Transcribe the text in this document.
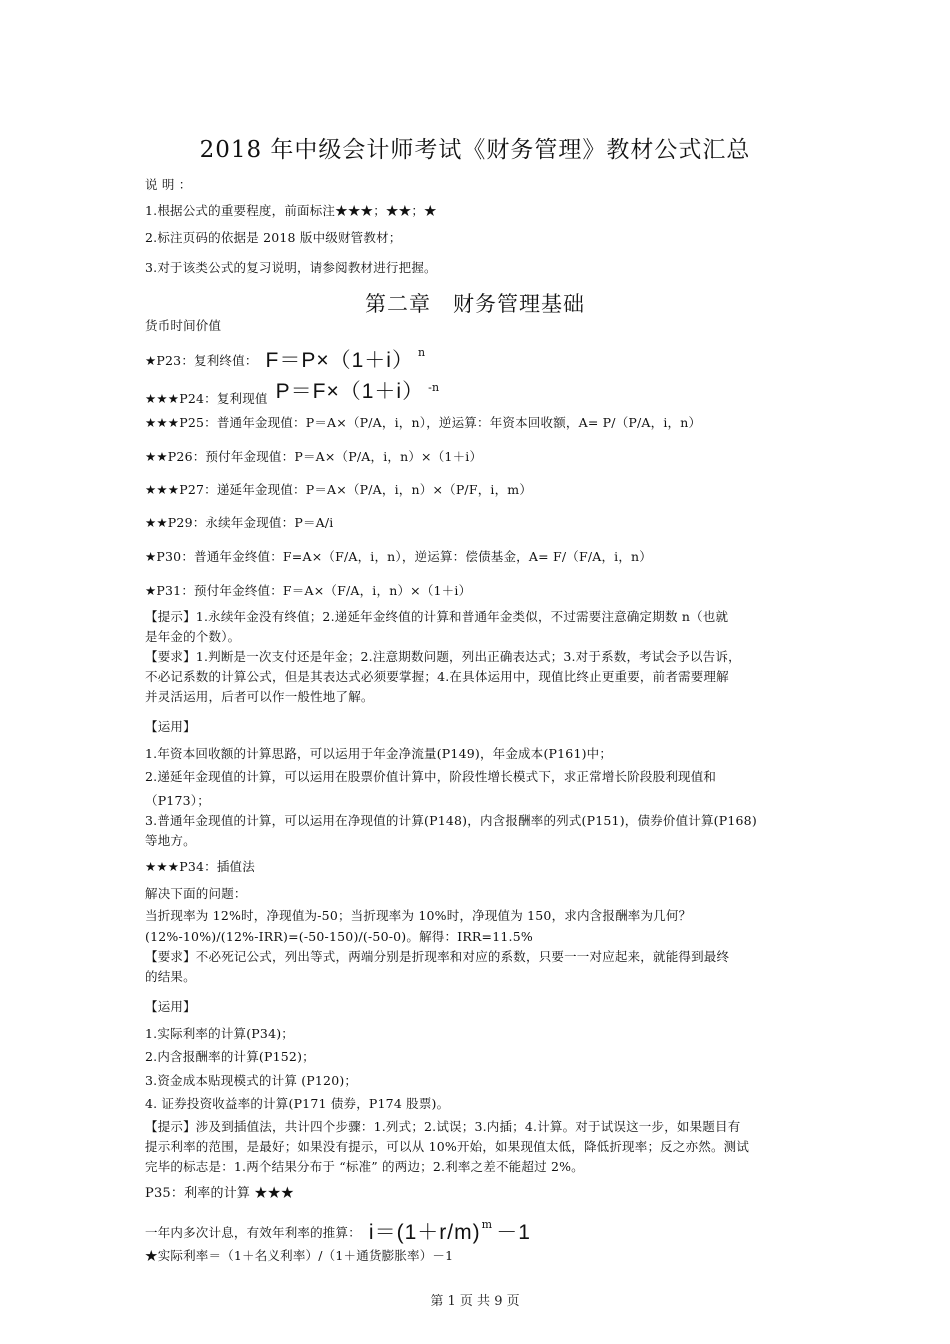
2018 年中级会计师考试《财务管理》教材公式汇总
说 明 ：
1.根据公式的重要程度，前面标注★★★；★★；★
2.标注页码的依据是 2018 版中级财管教材；
3.对于该类公式的复习说明，请参阅教材进行把握。
第二章　财务管理基础
货币时间价值
★P23：复利终值： F＝P×（1＋i） n
★★★P24：复利现值 P＝F×（1＋i） -n
★★★P25：普通年金现值：P＝A×（P/A，i，n），逆运算：年资本回收额，A= P/（P/A，i，n）
★★P26：预付年金现值：P＝A×（P/A，i，n）×（1＋i）
★★★P27：递延年金现值：P＝A×（P/A，i，n）×（P/F，i，m）
★★P29：永续年金现值：P＝A/i
★P30：普通年金终值：F=A×（F/A，i，n），逆运算：偿债基金，A= F/（F/A，i，n）
★P31：预付年金终值：F＝A×（F/A，i，n）×（1＋i）
【提示】1.永续年金没有终值；2.递延年金终值的计算和普通年金类似，不过需要注意确定期数 n（也就
是年金的个数）。
【要求】1.判断是一次支付还是年金；2.注意期数问题，列出正确表达式；3.对于系数，考试会予以告诉，
不必记系数的计算公式，但是其表达式必须要掌握；4.在具体运用中，现值比终止更重要，前者需要理解
并灵活运用，后者可以作一般性地了解。
【运用】
1.年资本回收额的计算思路，可以运用于年金净流量(P149)，年金成本(P161)中；
2.递延年金现值的计算，可以运用在股票价值计算中，阶段性增长模式下，求正常增长阶段股利现值和
（P173）；
3.普通年金现值的计算，可以运用在净现值的计算(P148)，内含报酬率的列式(P151)，债券价值计算(P168)
等地方。
★★★P34：插值法
解决下面的问题：
当折现率为 12%时，净现值为-50；当折现率为 10%时，净现值为 150，求内含报酬率为几何？
(12%-10%)/(12%-IRR)=(-50-150)/(-50-0)。解得：IRR=11.5%
【要求】不必死记公式，列出等式，两端分别是折现率和对应的系数，只要一一对应起来，就能得到最终
的结果。
【运用】
1.实际利率的计算(P34)；
2.内含报酬率的计算(P152)；
3.资金成本贴现模式的计算 (P120)；
4. 证券投资收益率的计算(P171 债券，P174 股票)。
【提示】涉及到插值法，共计四个步骤：1.列式；2.试误；3.内插；4.计算。对于试误这一步，如果题目有
提示利率的范围，是最好；如果没有提示，可以从 10%开始，如果现值太低，降低折现率；反之亦然。测试
完毕的标志是：1.两个结果分布于 “标准” 的两边；2.利率之差不能超过 2%。
P35：利率的计算 ★★★
一年内多次计息，有效年利率的推算： i＝(1＋r/m)m －1
★实际利率＝（1＋名义利率）/（1＋通货膨胀率）－1
第 1 页 共 9 页
